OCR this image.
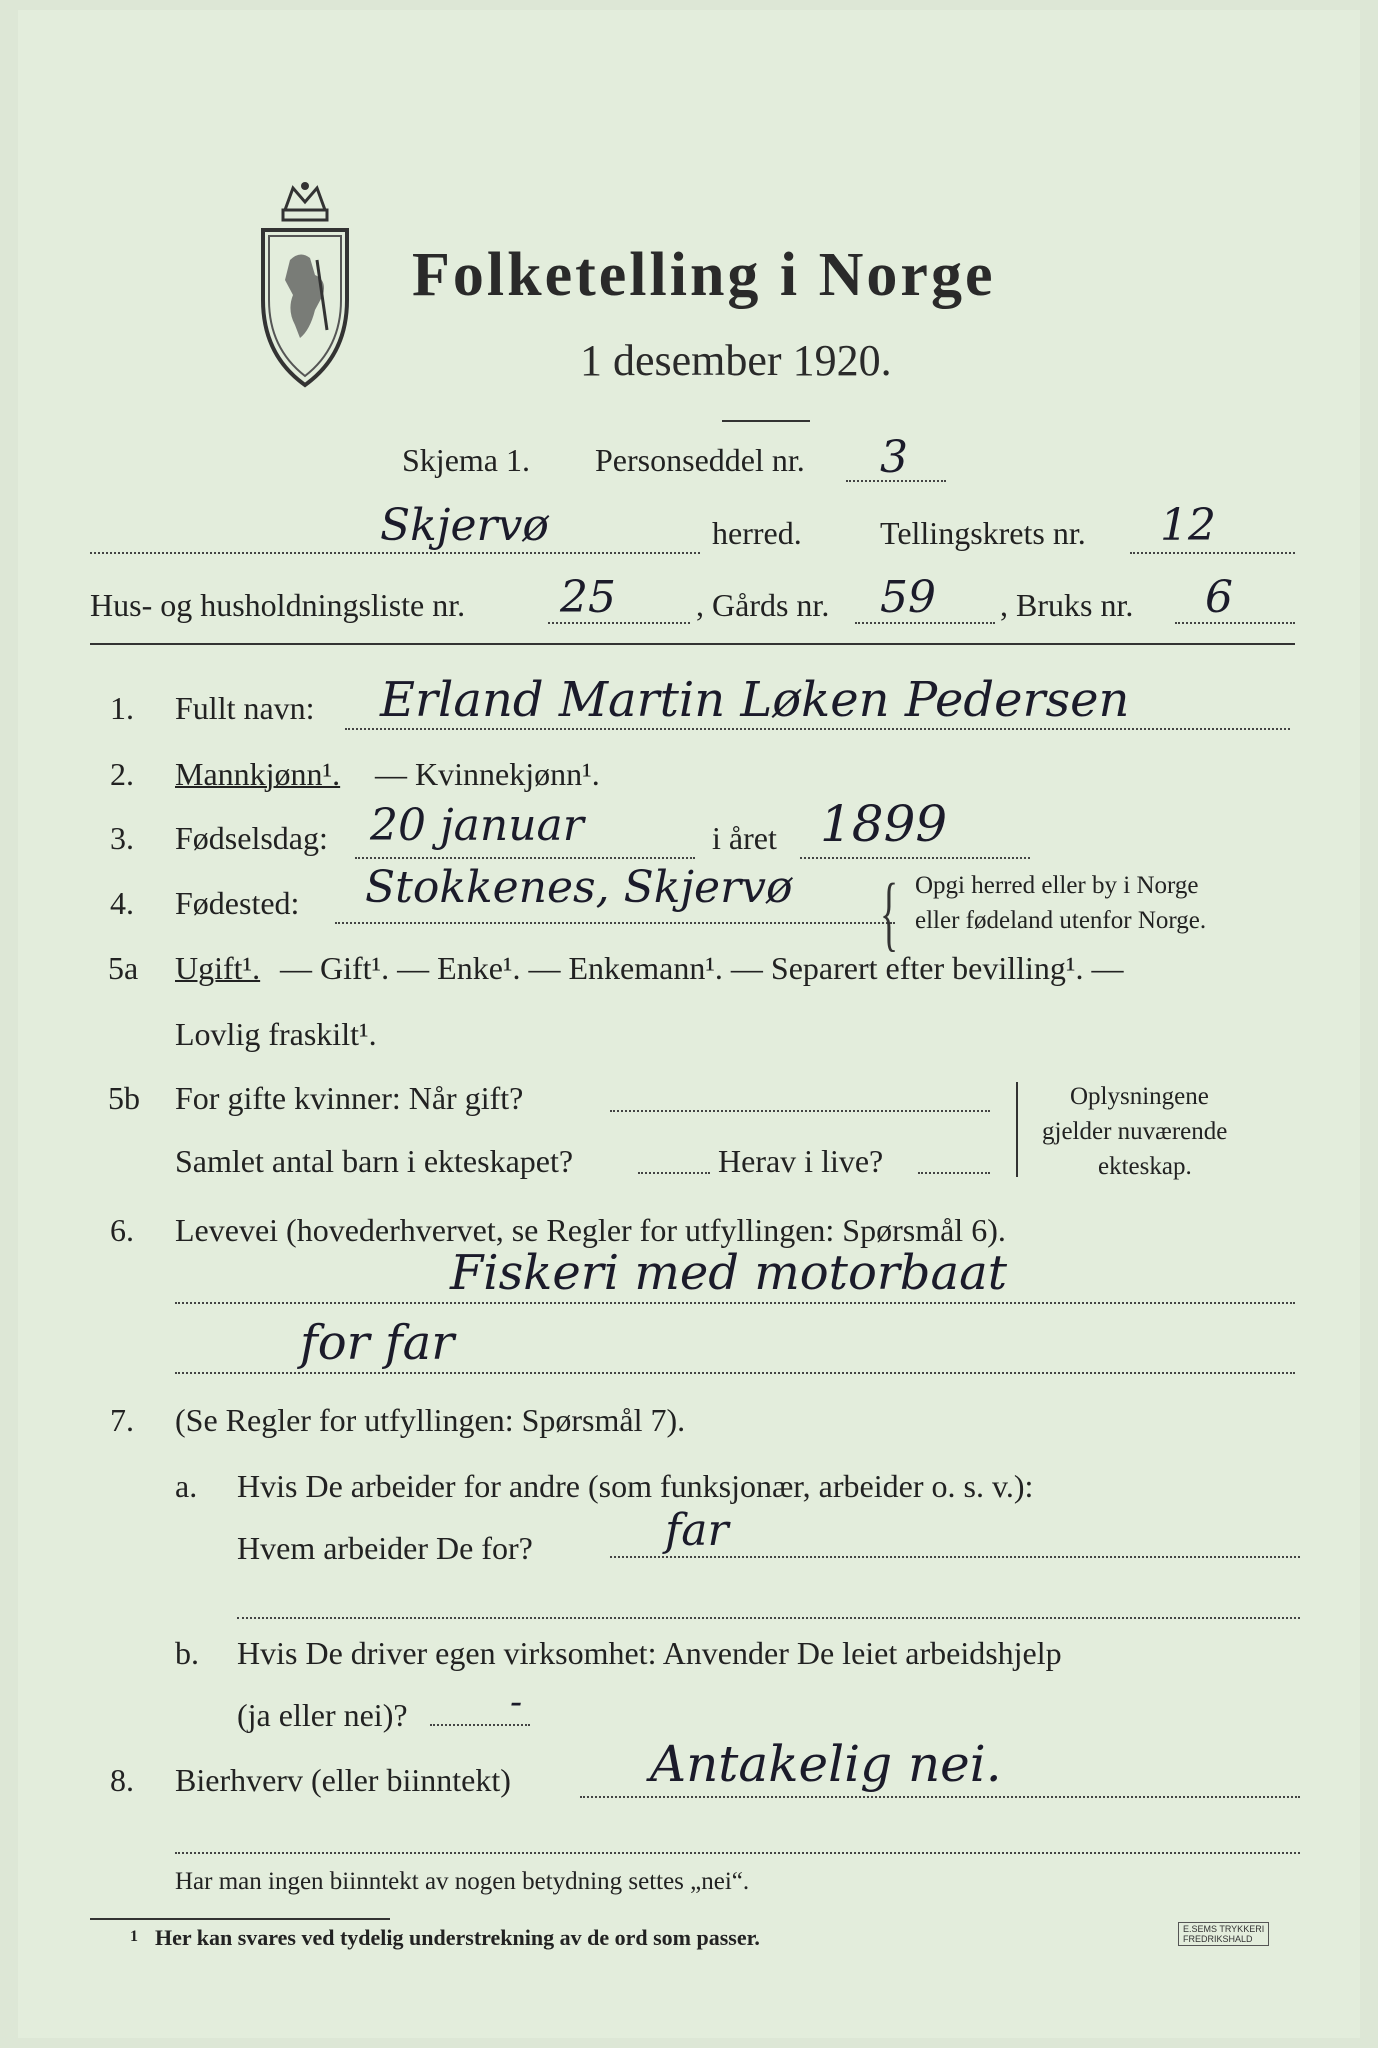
Folketelling i Norge
1 desember 1920.
Skjema 1. Personseddel nr. 3
Skjervø	herred. Tellingskrets nr. 12
Hus- og husholdningsliste nr. 25	, Gårds nr. 59 , Bruks nr. 6
1. Fullt navn: Erland Martin Løken Pedersen
2. Mannkjønn¹. — Kvinnekjønn¹.
3. Fødselsdag: 20 januar	i året 1899
4. Fødested: Stokkenes, Skjervø { Opgi herred eller by i Norge
eller fødeland utenfor Norge.
5a Ugift¹. — Gift¹. — Enke¹. — Enkemann¹. — Separert efter bevilling¹. —
Lovlig fraskilt¹.
5b For gifte kvinner: Når gift?
Samlet antal barn i ekteskapet?	Herav i live?
Oplysningene
gjelder nuværende
ekteskap.
6. Levevei (hovederhvervet, se Regler for utfyllingen: Spørsmål 6).
Fiskeri med motorbaat
for far
7. (Se Regler for utfyllingen: Spørsmål 7).
a. Hvis De arbeider for andre (som funksjonær, arbeider o. s. v.):
Hvem arbeider De for?	far
b. Hvis De driver egen virksomhet: Anvender De leiet arbeidshjelp
(ja eller nei)?	-
8. Bierhverv (eller biinntekt)	Antakelig nei.
Har man ingen biinntekt av nogen betydning settes „nei“.
1 Her kan svares ved tydelig understrekning av de ord som passer.	E.SEMS TRYKKERI
FREDRIKSHALD
